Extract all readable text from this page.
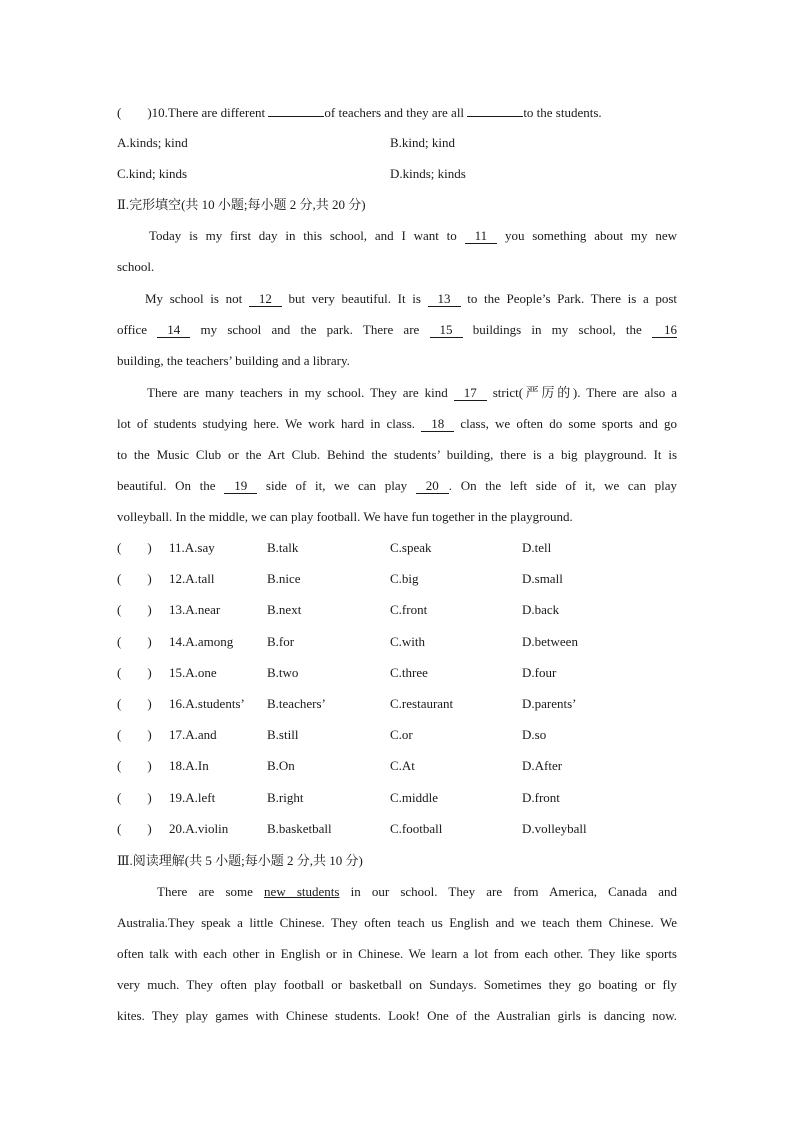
(        )10.There are different	of teachers and they are all	to the students.
A.kinds; kind	B.kind; kind
C.kind; kinds	D.kinds; kinds
Ⅱ.完形填空(共 10 小题;每小题 2 分,共 20 分)
Today is my first day in this school, and I want to 11 you something about my new
school.
My school is not 12 but very beautiful. It is 13 to the People’s Park. There is a post
office 14 my school and the park. There are 15 buildings in my school, the 16
building, the teachers’ building and a library.
There are many teachers in my school. They are kind 17 strict(严厉的). There are also a
lot of students studying here. We work hard in class. 18 class, we often do some sports and go
to the Music Club or the Art Club. Behind the students’ building, there is a big playground. It is
beautiful. On the 19 side of it, we can play 20 . On the left side of it, we can play
volleyball. In the middle, we can play football. We have fun together in the playground.
(        ) 11.A.say	B.talk	C.speak	D.tell
(        ) 12.A.tall	B.nice	C.big	D.small
(        ) 13.A.near	B.next	C.front	D.back
(        ) 14.A.among	B.for	C.with	D.between
(        ) 15.A.one	B.two	C.three	D.four
(        ) 16.A.students’ B.teachers’	C.restaurant	D.parents’
(        ) 17.A.and	B.still	C.or	D.so
(        ) 18.A.In	B.On	C.At	D.After
(        ) 19.A.left	B.right	C.middle	D.front
(        ) 20.A.violin	B.basketball	C.football	D.volleyball
Ⅲ.阅读理解(共 5 小题;每小题 2 分,共 10 分)
There are some new students in our school. They are from America, Canada and
Australia.They speak a little Chinese. They often teach us English and we teach them Chinese. We
often talk with each other in English or in Chinese. We learn a lot from each other. They like sports
very much. They often play football or basketball on Sundays. Sometimes they go boating or fly
kites. They play games with Chinese students. Look! One of the Australian girls is dancing now.
